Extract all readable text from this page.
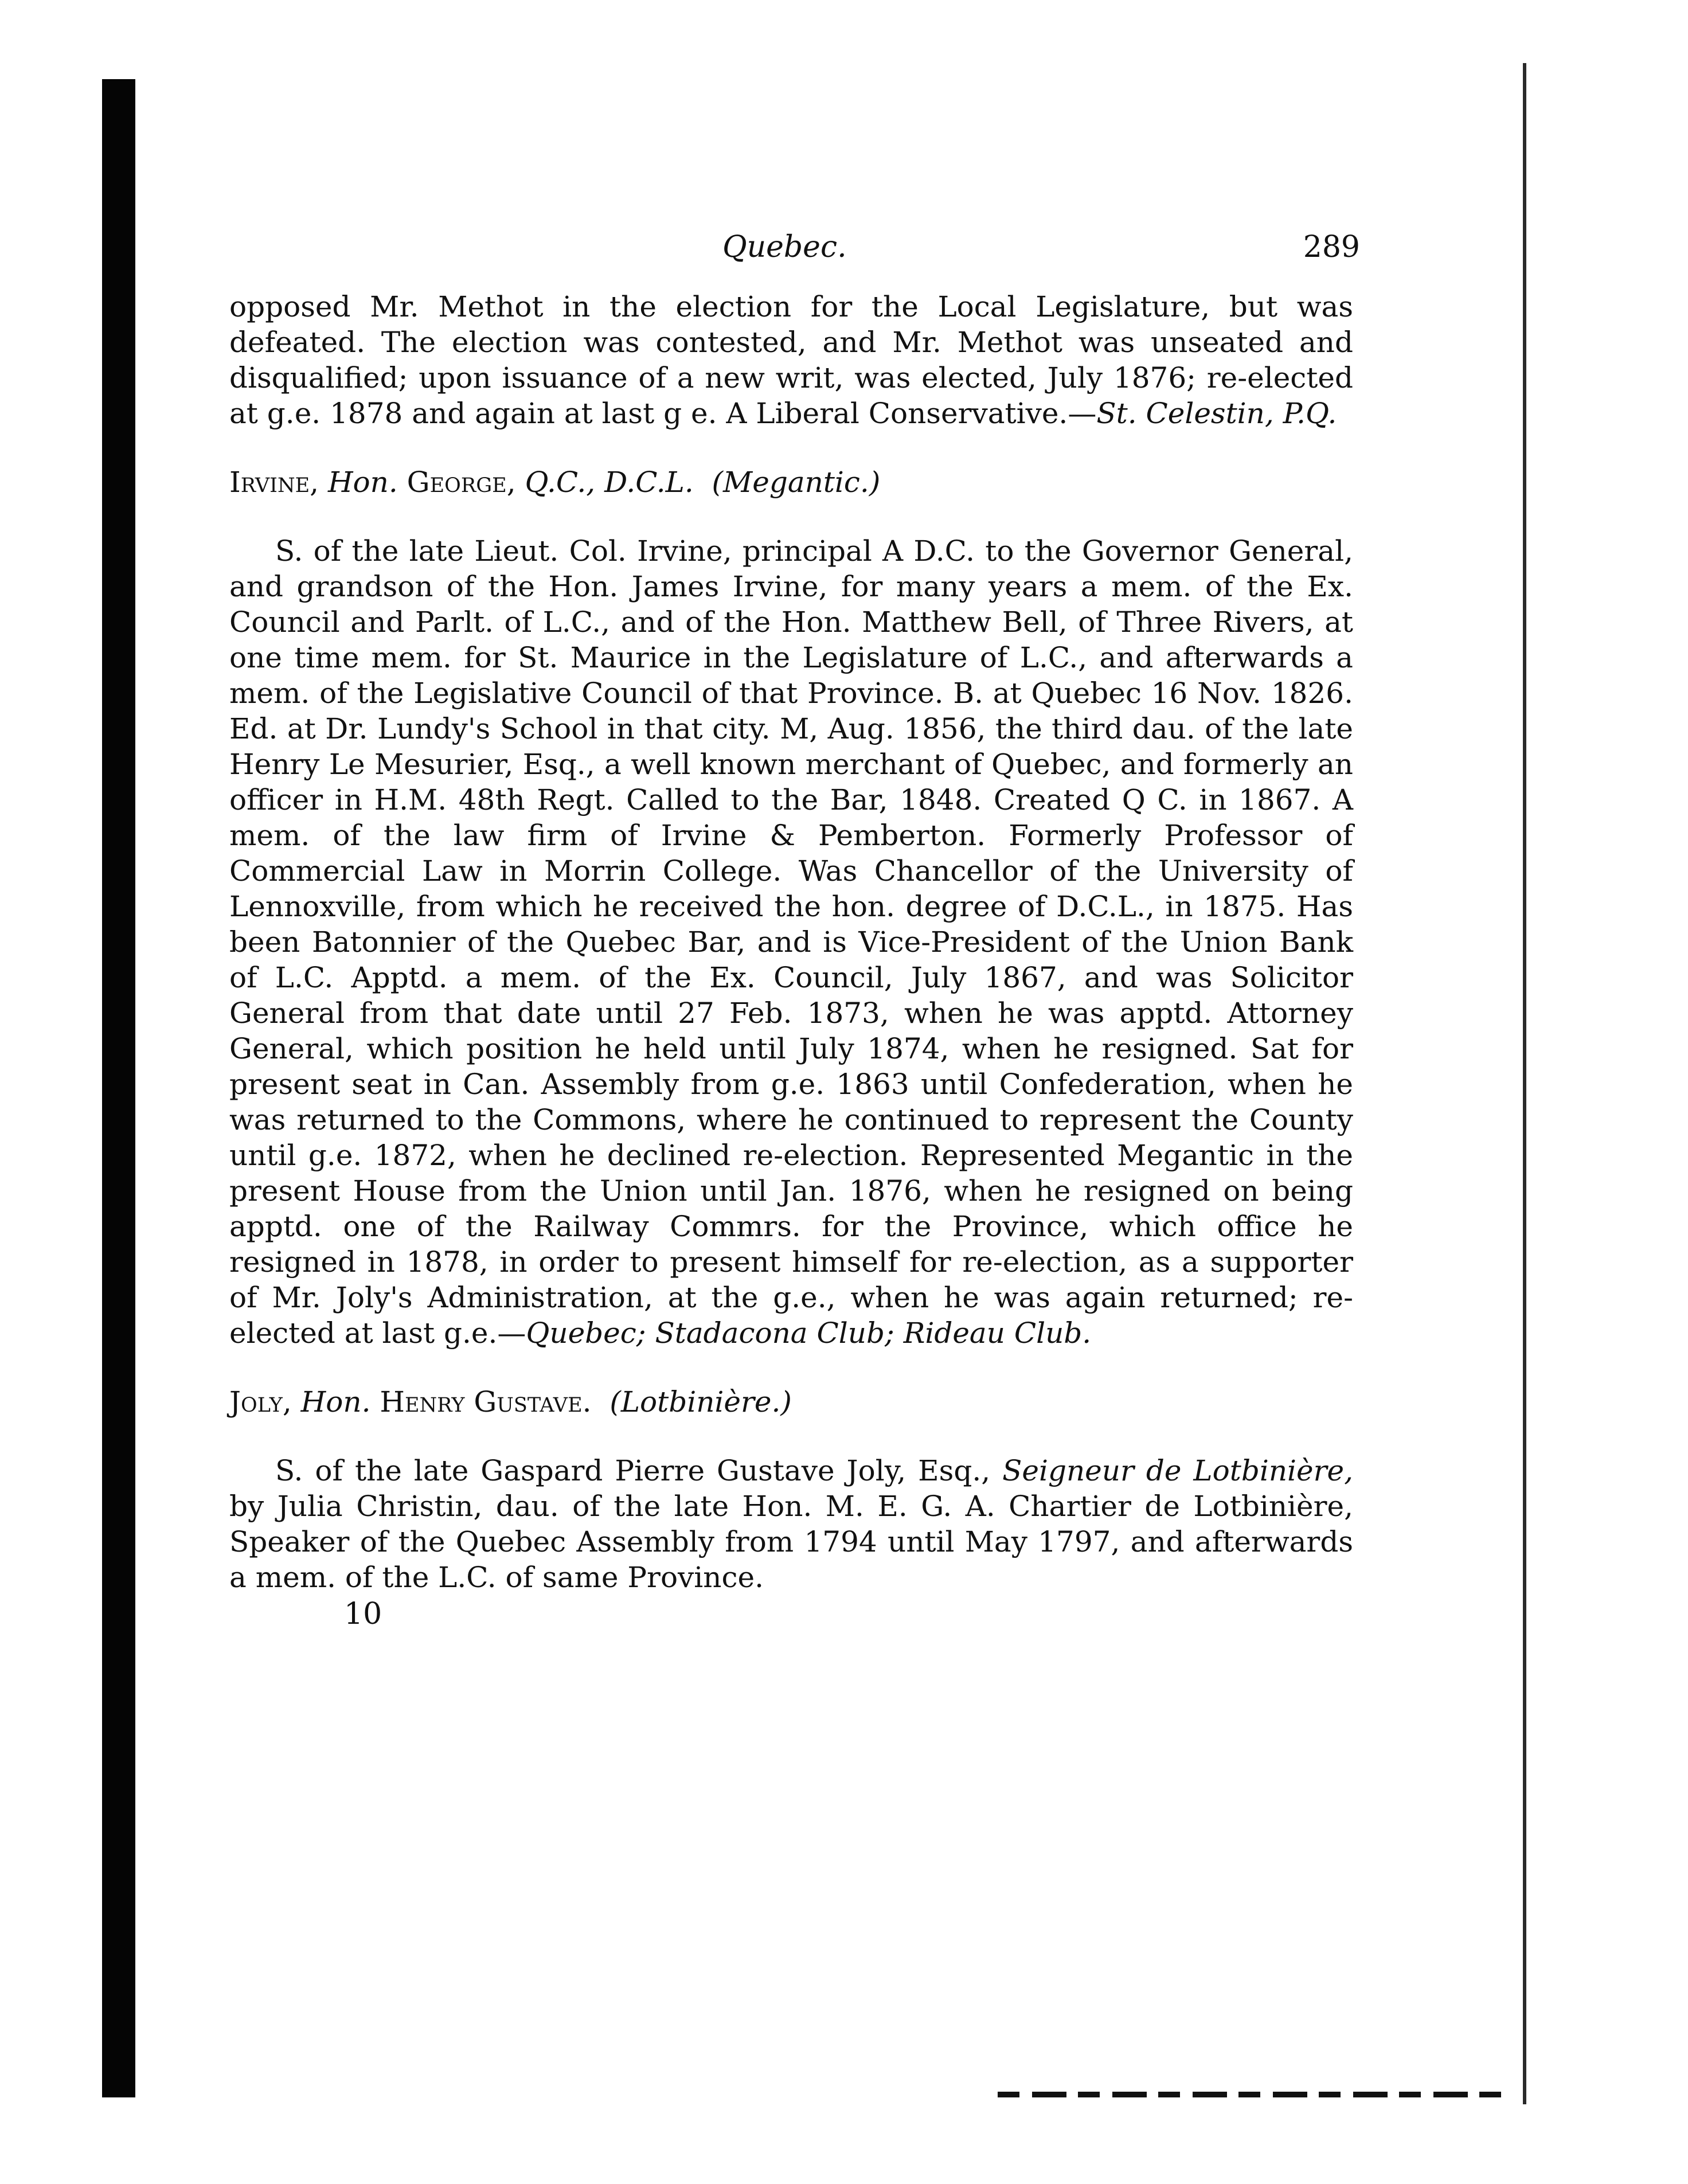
Quebec.	289

opposed Mr. Methot in the election for the Local Legislature, but was defeated. The election was contested, and Mr. Methot was unseated and disqualified; upon issuance of a new writ, was elected, July 1876; re-elected at g.e. 1878 and again at last g e. A Liberal Conservative.—St. Celestin, P.Q.

Irvine, Hon. George, Q.C., D.C.L. (Megantic.)

S. of the late Lieut. Col. Irvine, principal A D.C. to the Governor General, and grandson of the Hon. James Irvine, for many years a mem. of the Ex. Council and Parlt. of L.C., and of the Hon. Matthew Bell, of Three Rivers, at one time mem. for St. Maurice in the Legislature of L.C., and afterwards a mem. of the Legislative Council of that Province. B. at Quebec 16 Nov. 1826. Ed. at Dr. Lundy's School in that city. M, Aug. 1856, the third dau. of the late Henry Le Mesurier, Esq., a well known merchant of Quebec, and formerly an officer in H.M. 48th Regt. Called to the Bar, 1848. Created Q C. in 1867. A mem. of the law firm of Irvine & Pemberton. Formerly Professor of Commercial Law in Morrin College. Was Chancellor of the University of Lennoxville, from which he received the hon. degree of D.C.L., in 1875. Has been Batonnier of the Quebec Bar, and is Vice-President of the Union Bank of L.C. Apptd. a mem. of the Ex. Council, July 1867, and was Solicitor General from that date until 27 Feb. 1873, when he was apptd. Attorney General, which position he held until July 1874, when he resigned. Sat for present seat in Can. Assembly from g.e. 1863 until Confederation, when he was returned to the Commons, where he continued to represent the County until g.e. 1872, when he declined re-election. Represented Megantic in the present House from the Union until Jan. 1876, when he resigned on being apptd. one of the Railway Commrs. for the Province, which office he resigned in 1878, in order to present himself for re-election, as a supporter of Mr. Joly's Administration, at the g.e., when he was again returned; re-elected at last g.e.—Quebec; Stadacona Club; Rideau Club.

Joly, Hon. Henry Gustave. (Lotbinière.)

S. of the late Gaspard Pierre Gustave Joly, Esq., Seigneur de Lotbinière, by Julia Christin, dau. of the late Hon. M. E. G. A. Chartier de Lotbinière, Speaker of the Quebec Assembly from 1794 until May 1797, and afterwards a mem. of the L.C. of same Province.

10
